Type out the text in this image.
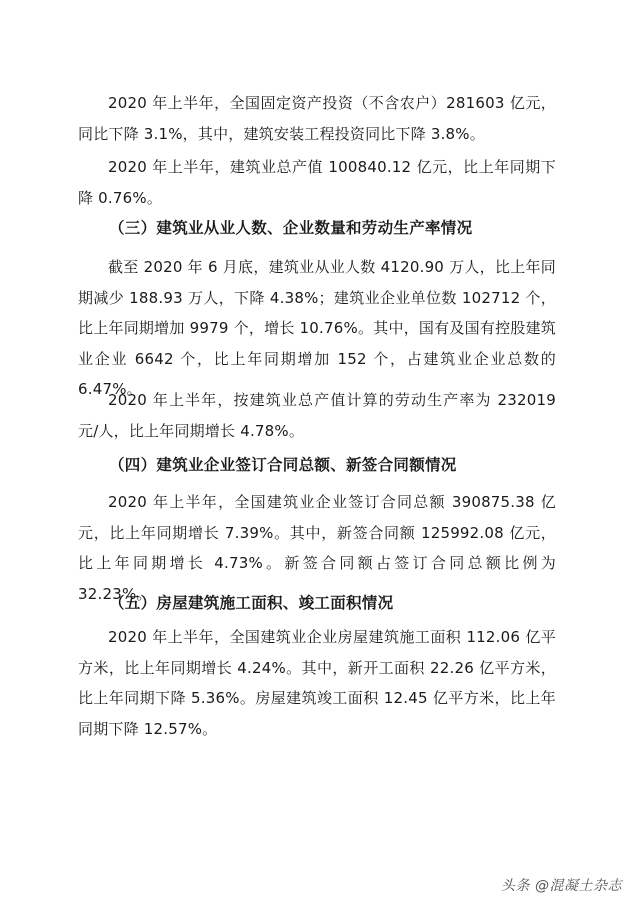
2020 年上半年，全国固定资产投资（不含农户）281603 亿元，同比下降 3.1%，其中，建筑安装工程投资同比下降 3.8%。

2020 年上半年，建筑业总产值 100840.12 亿元，比上年同期下降 0.76%。

（三）建筑业从业人数、企业数量和劳动生产率情况

截至 2020 年 6 月底，建筑业从业人数 4120.90 万人，比上年同期减少 188.93 万人，下降 4.38%；建筑业企业单位数 102712 个，比上年同期增加 9979 个，增长 10.76%。其中，国有及国有控股建筑业企业 6642 个，比上年同期增加 152 个，占建筑业企业总数的 6.47%。

2020 年上半年，按建筑业总产值计算的劳动生产率为 232019 元/人，比上年同期增长 4.78%。

（四）建筑业企业签订合同总额、新签合同额情况

2020 年上半年，全国建筑业企业签订合同总额 390875.38 亿元，比上年同期增长 7.39%。其中，新签合同额 125992.08 亿元，比上年同期增长 4.73%。新签合同额占签订合同总额比例为 32.23%。

（五）房屋建筑施工面积、竣工面积情况

2020 年上半年，全国建筑业企业房屋建筑施工面积 112.06 亿平方米，比上年同期增长 4.24%。其中，新开工面积 22.26 亿平方米，比上年同期下降 5.36%。房屋建筑竣工面积 12.45 亿平方米，比上年同期下降 12.57%。

头条 @混凝土杂志
